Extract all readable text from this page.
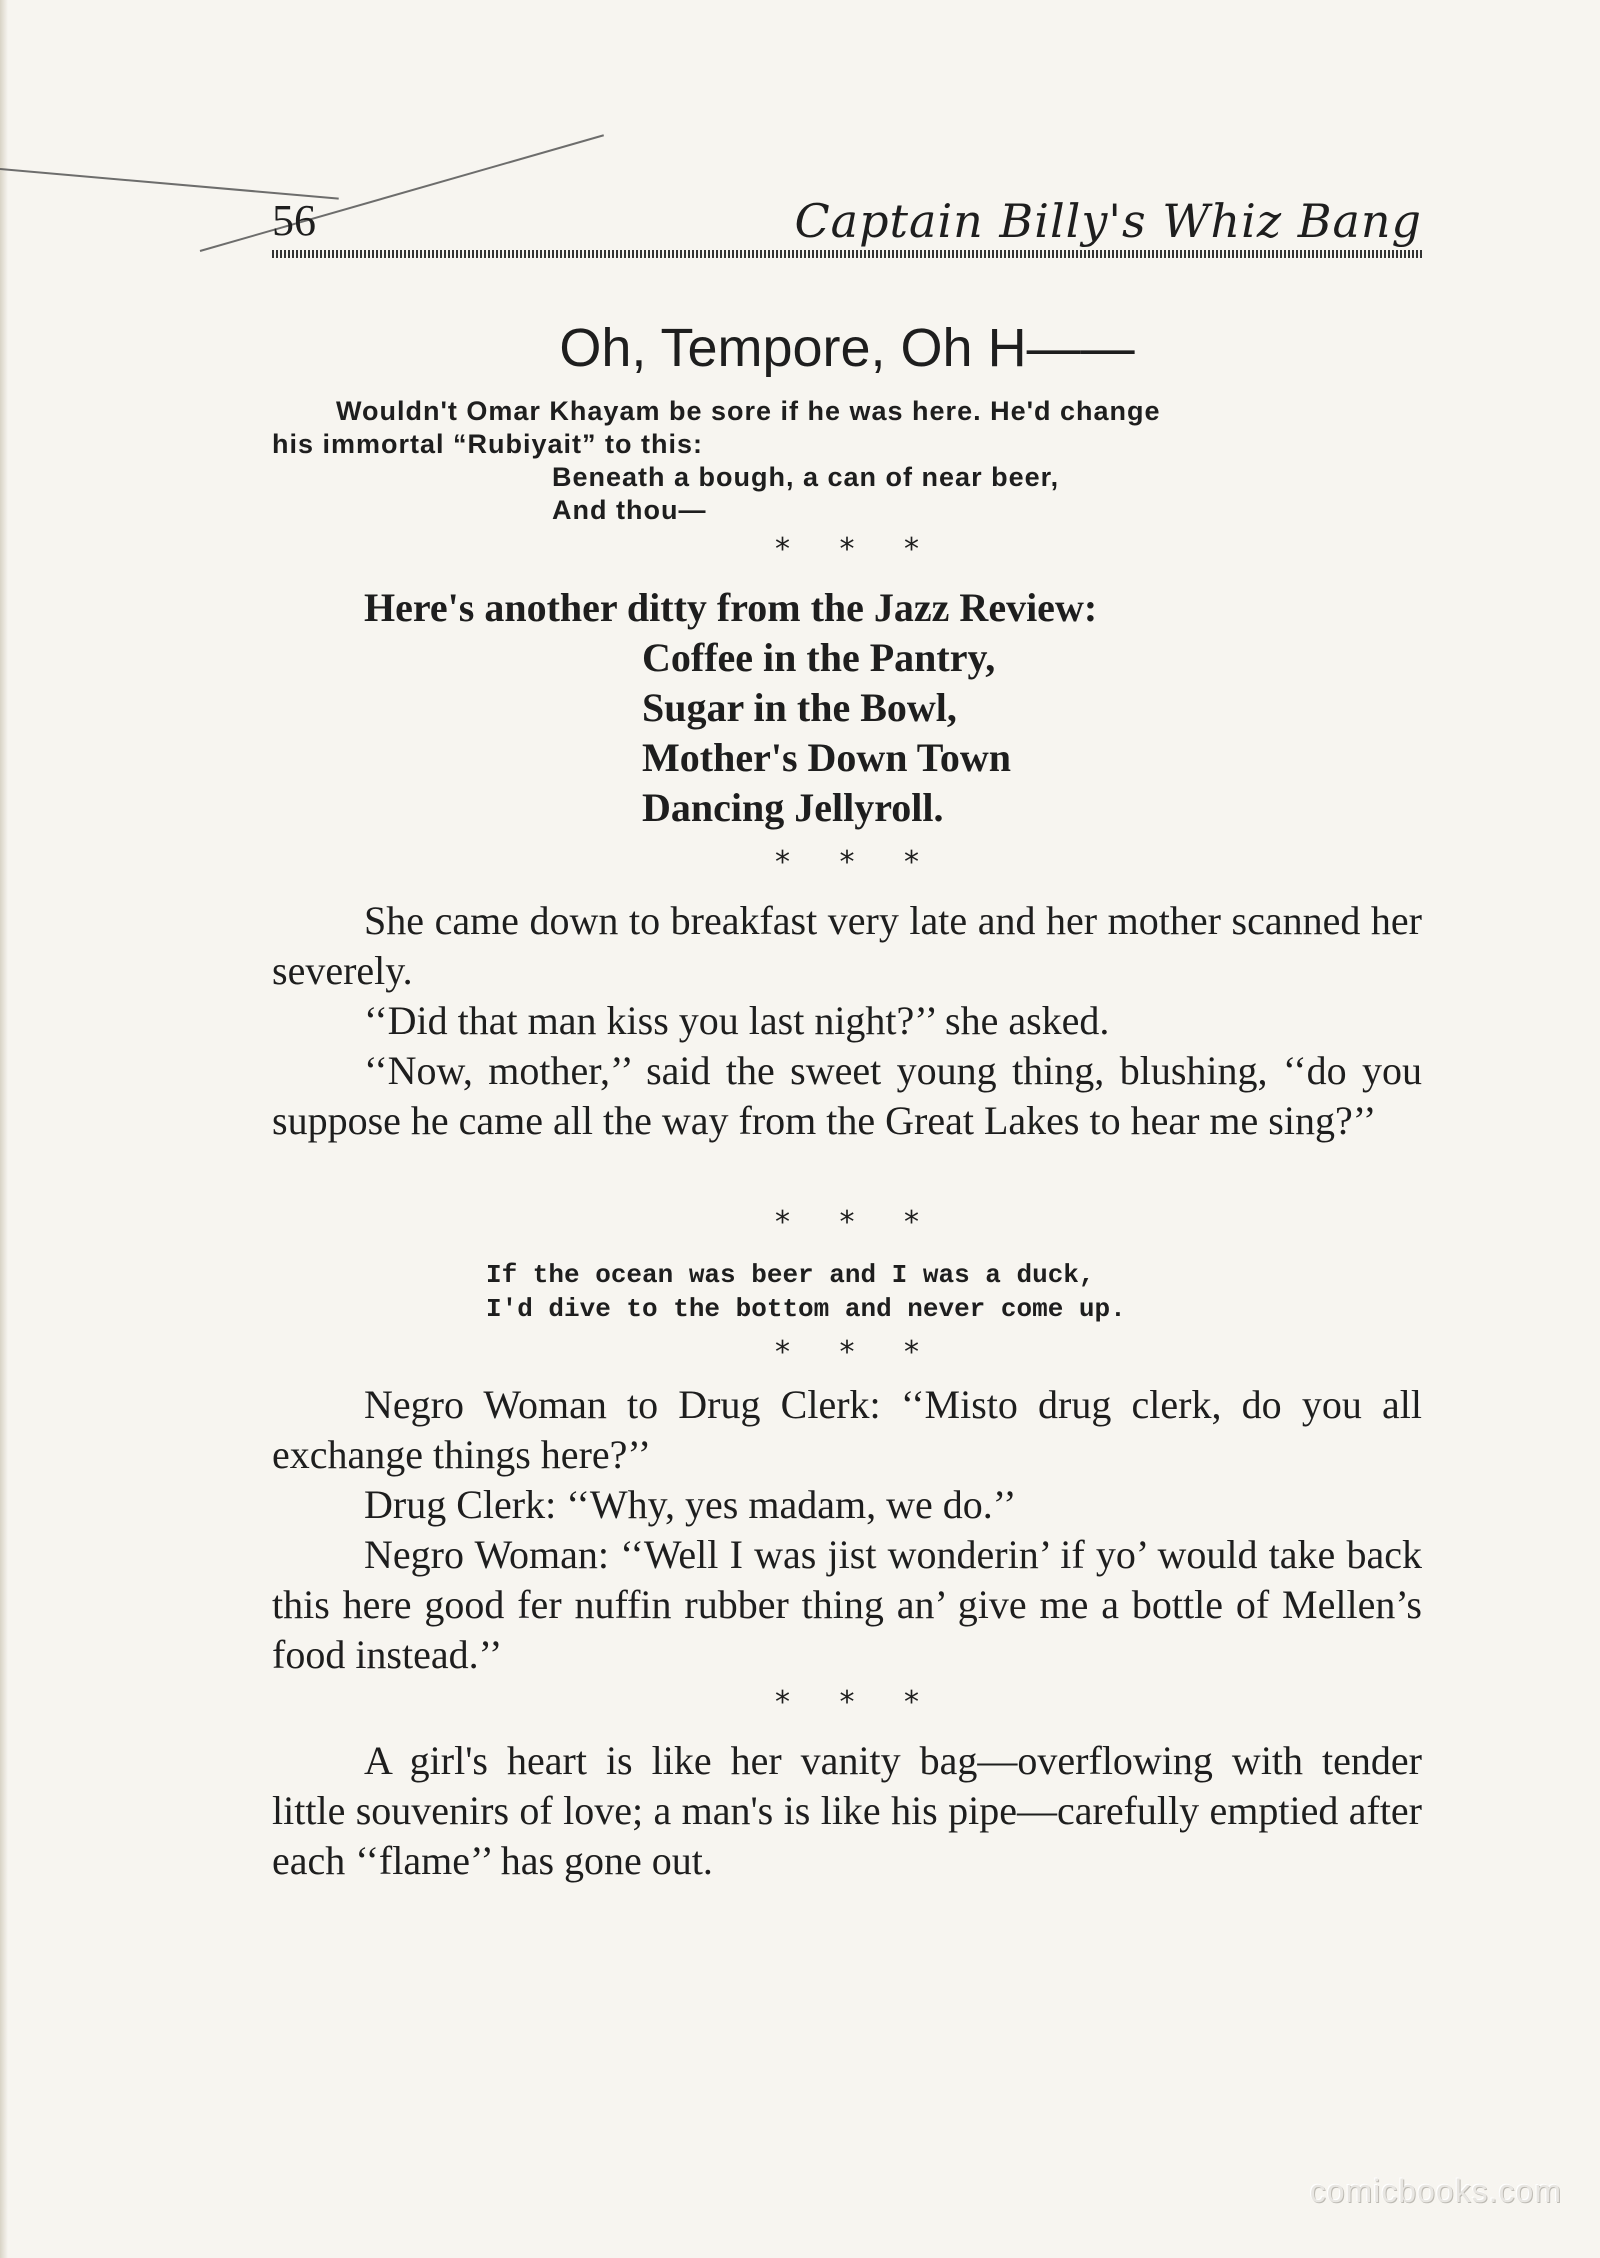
56	Captain Billy's Whiz Bang
Oh, Tempore, Oh H——

Wouldn't Omar Khayam be sore if he was here. He'd change

his immortal “Rubiyait” to this:

Beneath a bough, a can of near beer,

And thou—

* * *

Here's another ditty from the Jazz Review:

Coffee in the Pantry,

Sugar in the Bowl,

Mother's Down Town

Dancing Jellyroll.

* * *

She came down to breakfast very late and her mother scanned her severely.

‘‘Did that man kiss you last night?’’ she asked.

‘‘Now, mother,’’ said the sweet young thing, blushing, ‘‘do you suppose he came all the way from the Great Lakes to hear me sing?’’

* * *

If the ocean was beer and I was a duck,

I'd dive to the bottom and never come up.

* * *

Negro Woman to Drug Clerk: ‘‘Misto drug clerk, do you all exchange things here?’’

Drug Clerk: ‘‘Why, yes madam, we do.’’

Negro Woman: ‘‘Well I was jist wonderin’ if yo’ would take back this here good fer nuffin rubber thing an’ give me a bottle of Mellen’s food instead.’’

* * *

A girl's heart is like her vanity bag—overflowing with tender little souvenirs of love; a man's is like his pipe—carefully emptied after each ‘‘flame’’ has gone out.

comicbooks.com
